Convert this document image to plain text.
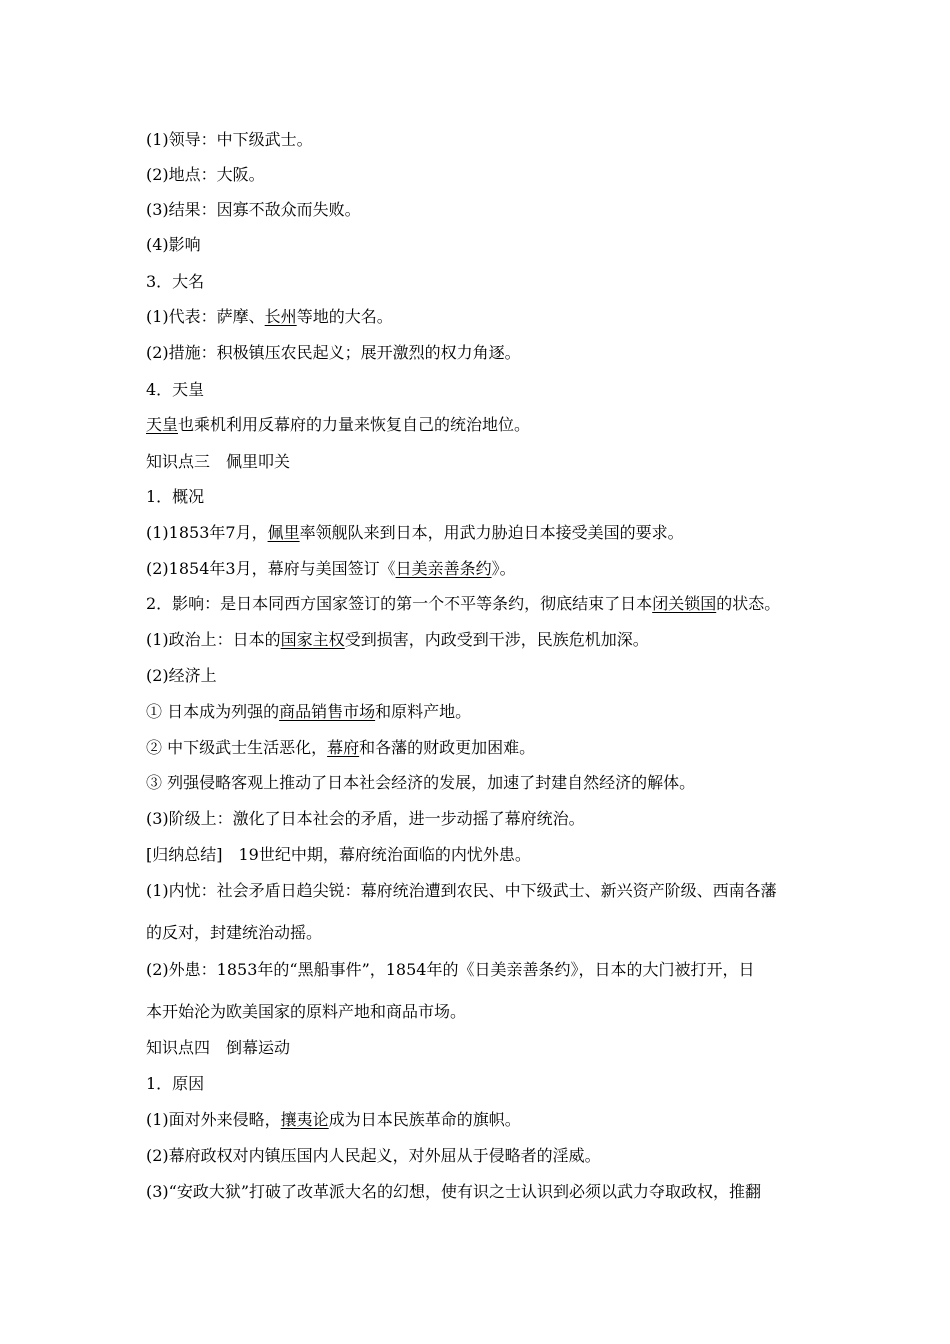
(1)领导：中下级武士。
(2)地点：大阪。
(3)结果：因寡不敌众而失败。
(4)影响
3．大名
(1)代表：萨摩、长州等地的大名。
(2)措施：积极镇压农民起义；展开激烈的权力角逐。
4．天皇
天皇也乘机利用反幕府的力量来恢复自己的统治地位。
知识点三　佩里叩关
1．概况
(1)1853年7月，佩里率领舰队来到日本，用武力胁迫日本接受美国的要求。
(2)1854年3月，幕府与美国签订《日美亲善条约》。
2．影响：是日本同西方国家签订的第一个不平等条约，彻底结束了日本闭关锁国的状态。
(1)政治上：日本的国家主权受到损害，内政受到干涉，民族危机加深。
(2)经济上
① 日本成为列强的商品销售市场和原料产地。
② 中下级武士生活恶化，幕府和各藩的财政更加困难。
③ 列强侵略客观上推动了日本社会经济的发展，加速了封建自然经济的解体。
(3)阶级上：激化了日本社会的矛盾，进一步动摇了幕府统治。
[归纳总结]　19世纪中期，幕府统治面临的内忧外患。
(1)内忧：社会矛盾日趋尖锐：幕府统治遭到农民、中下级武士、新兴资产阶级、西南各藩
的反对，封建统治动摇。
(2)外患：1853年的“黑船事件”，1854年的《日美亲善条约》，日本的大门被打开，日
本开始沦为欧美国家的原料产地和商品市场。
知识点四　倒幕运动
1．原因
(1)面对外来侵略，攘夷论成为日本民族革命的旗帜。
(2)幕府政权对内镇压国内人民起义，对外屈从于侵略者的淫威。
(3)“安政大狱”打破了改革派大名的幻想，使有识之士认识到必须以武力夺取政权，推翻
